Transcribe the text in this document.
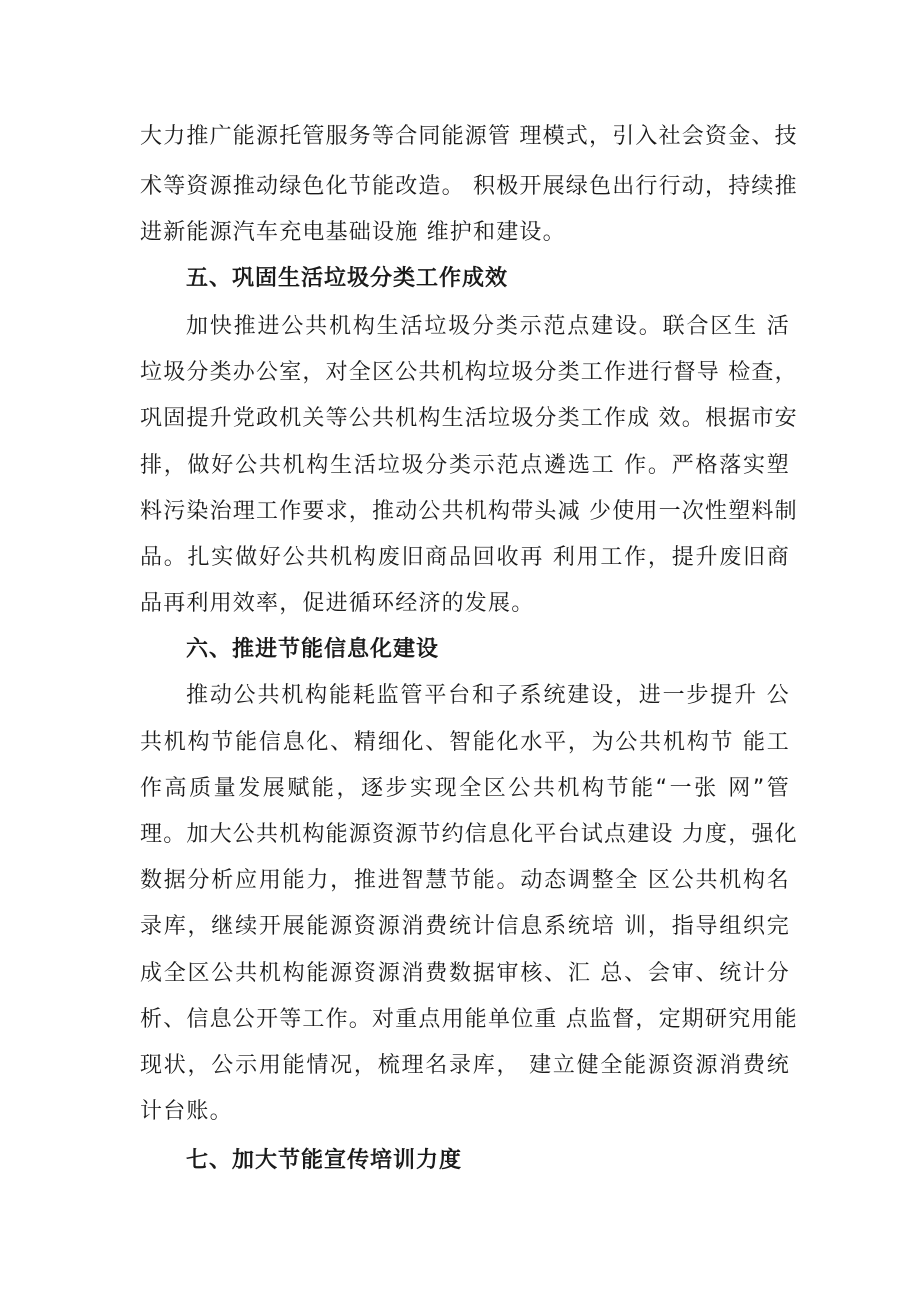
大力推广能源托管服务等合同能源管 理模式，引入社会资金、技
术等资源推动绿色化节能改造。 积极开展绿色出行行动，持续推
进新能源汽车充电基础设施 维护和建设。
五、巩固生活垃圾分类工作成效
加快推进公共机构生活垃圾分类示范点建设。联合区生 活
垃圾分类办公室，对全区公共机构垃圾分类工作进行督导 检查，
巩固提升党政机关等公共机构生活垃圾分类工作成 效。根据市安
排，做好公共机构生活垃圾分类示范点遴选工 作。严格落实塑
料污染治理工作要求，推动公共机构带头减 少使用一次性塑料制
品。扎实做好公共机构废旧商品回收再 利用工作，提升废旧商
品再利用效率，促进循环经济的发展。
六、推进节能信息化建设
推动公共机构能耗监管平台和子系统建设，进一步提升 公
共机构节能信息化、精细化、智能化水平，为公共机构节 能工
作高质量发展赋能，逐步实现全区公共机构节能“一张 网”管
理。加大公共机构能源资源节约信息化平台试点建设 力度，强化
数据分析应用能力，推进智慧节能。动态调整全 区公共机构名
录库，继续开展能源资源消费统计信息系统培 训，指导组织完
成全区公共机构能源资源消费数据审核、汇 总、会审、统计分
析、信息公开等工作。对重点用能单位重 点监督，定期研究用能
现状，公示用能情况，梳理名录库， 建立健全能源资源消费统
计台账。
七、加大节能宣传培训力度
